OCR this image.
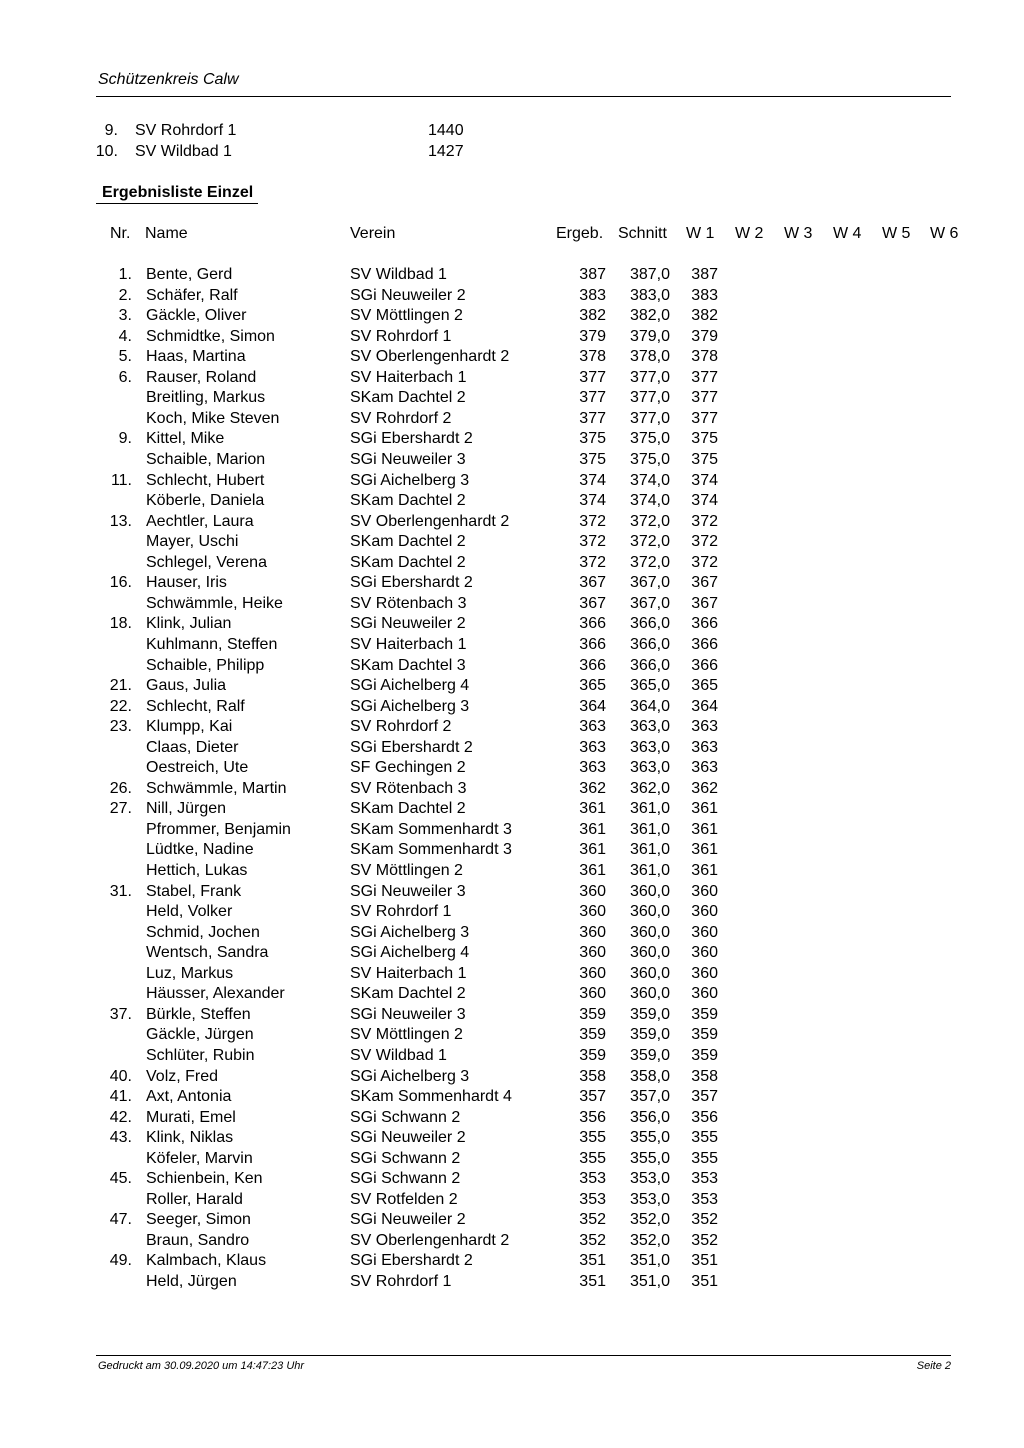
Schützenkreis Calw
9. SV Rohrdorf 1	1440
10. SV Wildbad 1	1427
Ergebnisliste Einzel
Nr. Name	Verein	Ergeb. Schnitt W 1 W 2 W 3 W 4 W 5 W 6
1. Bente, Gerd	SV Wildbad 1	387	387,0	387
2. Schäfer, Ralf	SGi Neuweiler 2	383	383,0	383
3. Gäckle, Oliver	SV Möttlingen 2	382	382,0	382
4. Schmidtke, Simon	SV Rohrdorf 1	379	379,0	379
5. Haas, Martina	SV Oberlengenhardt 2	378	378,0	378
6. Rauser, Roland	SV Haiterbach 1	377	377,0	377
Breitling, Markus	SKam Dachtel 2	377	377,0	377
Koch, Mike Steven	SV Rohrdorf 2	377	377,0	377
9. Kittel, Mike	SGi Ebershardt 2	375	375,0	375
Schaible, Marion	SGi Neuweiler 3	375	375,0	375
11. Schlecht, Hubert	SGi Aichelberg 3	374	374,0	374
Köberle, Daniela	SKam Dachtel 2	374	374,0	374
13. Aechtler, Laura	SV Oberlengenhardt 2	372	372,0	372
Mayer, Uschi	SKam Dachtel 2	372	372,0	372
Schlegel, Verena	SKam Dachtel 2	372	372,0	372
16. Hauser, Iris	SGi Ebershardt 2	367	367,0	367
Schwämmle, Heike	SV Rötenbach 3	367	367,0	367
18. Klink, Julian	SGi Neuweiler 2	366	366,0	366
Kuhlmann, Steffen	SV Haiterbach 1	366	366,0	366
Schaible, Philipp	SKam Dachtel 3	366	366,0	366
21. Gaus, Julia	SGi Aichelberg 4	365	365,0	365
22. Schlecht, Ralf	SGi Aichelberg 3	364	364,0	364
23. Klumpp, Kai	SV Rohrdorf 2	363	363,0	363
Claas, Dieter	SGi Ebershardt 2	363	363,0	363
Oestreich, Ute	SF Gechingen 2	363	363,0	363
26. Schwämmle, Martin	SV Rötenbach 3	362	362,0	362
27. Nill, Jürgen	SKam Dachtel 2	361	361,0	361
Pfrommer, Benjamin	SKam Sommenhardt 3	361	361,0	361
Lüdtke, Nadine	SKam Sommenhardt 3	361	361,0	361
Hettich, Lukas	SV Möttlingen 2	361	361,0	361
31. Stabel, Frank	SGi Neuweiler 3	360	360,0	360
Held, Volker	SV Rohrdorf 1	360	360,0	360
Schmid, Jochen	SGi Aichelberg 3	360	360,0	360
Wentsch, Sandra	SGi Aichelberg 4	360	360,0	360
Luz, Markus	SV Haiterbach 1	360	360,0	360
Häusser, Alexander	SKam Dachtel 2	360	360,0	360
37. Bürkle, Steffen	SGi Neuweiler 3	359	359,0	359
Gäckle, Jürgen	SV Möttlingen 2	359	359,0	359
Schlüter, Rubin	SV Wildbad 1	359	359,0	359
40. Volz, Fred	SGi Aichelberg 3	358	358,0	358
41. Axt, Antonia	SKam Sommenhardt 4	357	357,0	357
42. Murati, Emel	SGi Schwann 2	356	356,0	356
43. Klink, Niklas	SGi Neuweiler 2	355	355,0	355
Köfeler, Marvin	SGi Schwann 2	355	355,0	355
45. Schienbein, Ken	SGi Schwann 2	353	353,0	353
Roller, Harald	SV Rotfelden 2	353	353,0	353
47. Seeger, Simon	SGi Neuweiler 2	352	352,0	352
Braun, Sandro	SV Oberlengenhardt 2	352	352,0	352
49. Kalmbach, Klaus	SGi Ebershardt 2	351	351,0	351
Held, Jürgen	SV Rohrdorf 1	351	351,0	351
Gedruckt am 30.09.2020 um 14:47:23 Uhr	Seite 2
